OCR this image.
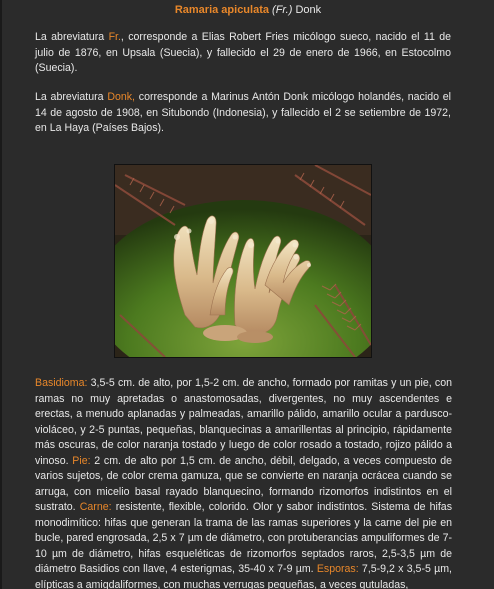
Ramaria apiculata (Fr.) Donk

La abreviatura Fr., corresponde a Elias Robert Fries micólogo sueco, nacido el 11 de julio de 1876, en Upsala (Suecia), y fallecido el 29 de enero de 1966, en Estocolmo (Suecia).

La abreviatura Donk, corresponde a Marinus Antón Donk micólogo holandés, nacido el 14 de agosto de 1908, en Situbondo (Indonesia), y fallecido el 2 se setiembre de 1972, en La Haya (Países Bajos).

Basidioma: 3,5-5 cm. de alto, por 1,5-2 cm. de ancho, formado por ramitas y un pie, con ramas no muy apretadas o anastomosadas, divergentes, no muy ascendentes e erectas, a menudo aplanadas y palmeadas, amarillo pálido, amarillo ocular a pardusco-violáceo, y 2-5 puntas, pequeñas, blanquecinas a amarillentas al principio, rápidamente más oscuras, de color naranja tostado y luego de color rosado a tostado, rojizo pálido a vinoso. Pie: 2 cm. de alto por 1,5 cm. de ancho, débil, delgado, a veces compuesto de varios sujetos, de color crema gamuza, que se convierte en naranja ocrácea cuando se arruga, con micelio basal rayado blanquecino, formando rizomorfos indistintos en el sustrato. Carne: resistente, flexible, colorido. Olor y sabor indistintos. Sistema de hifas monodimítico: hifas que generan la trama de las ramas superiores y la carne del pie en bucle, pared engrosada, 2,5 x 7 µm de diámetro, con protuberancias ampuliformes de 7-10 µm de diámetro, hifas esqueléticas de rizomorfos septados raros, 2,5-3,5 µm de diámetro Basidios con llave, 4 esterigmas, 35-40 x 7-9 µm. Esporas: 7,5-9,2 x 3,5-5 µm, elípticas a amigdaliformes, con muchas verrugas pequeñas, a veces gutuladas,
